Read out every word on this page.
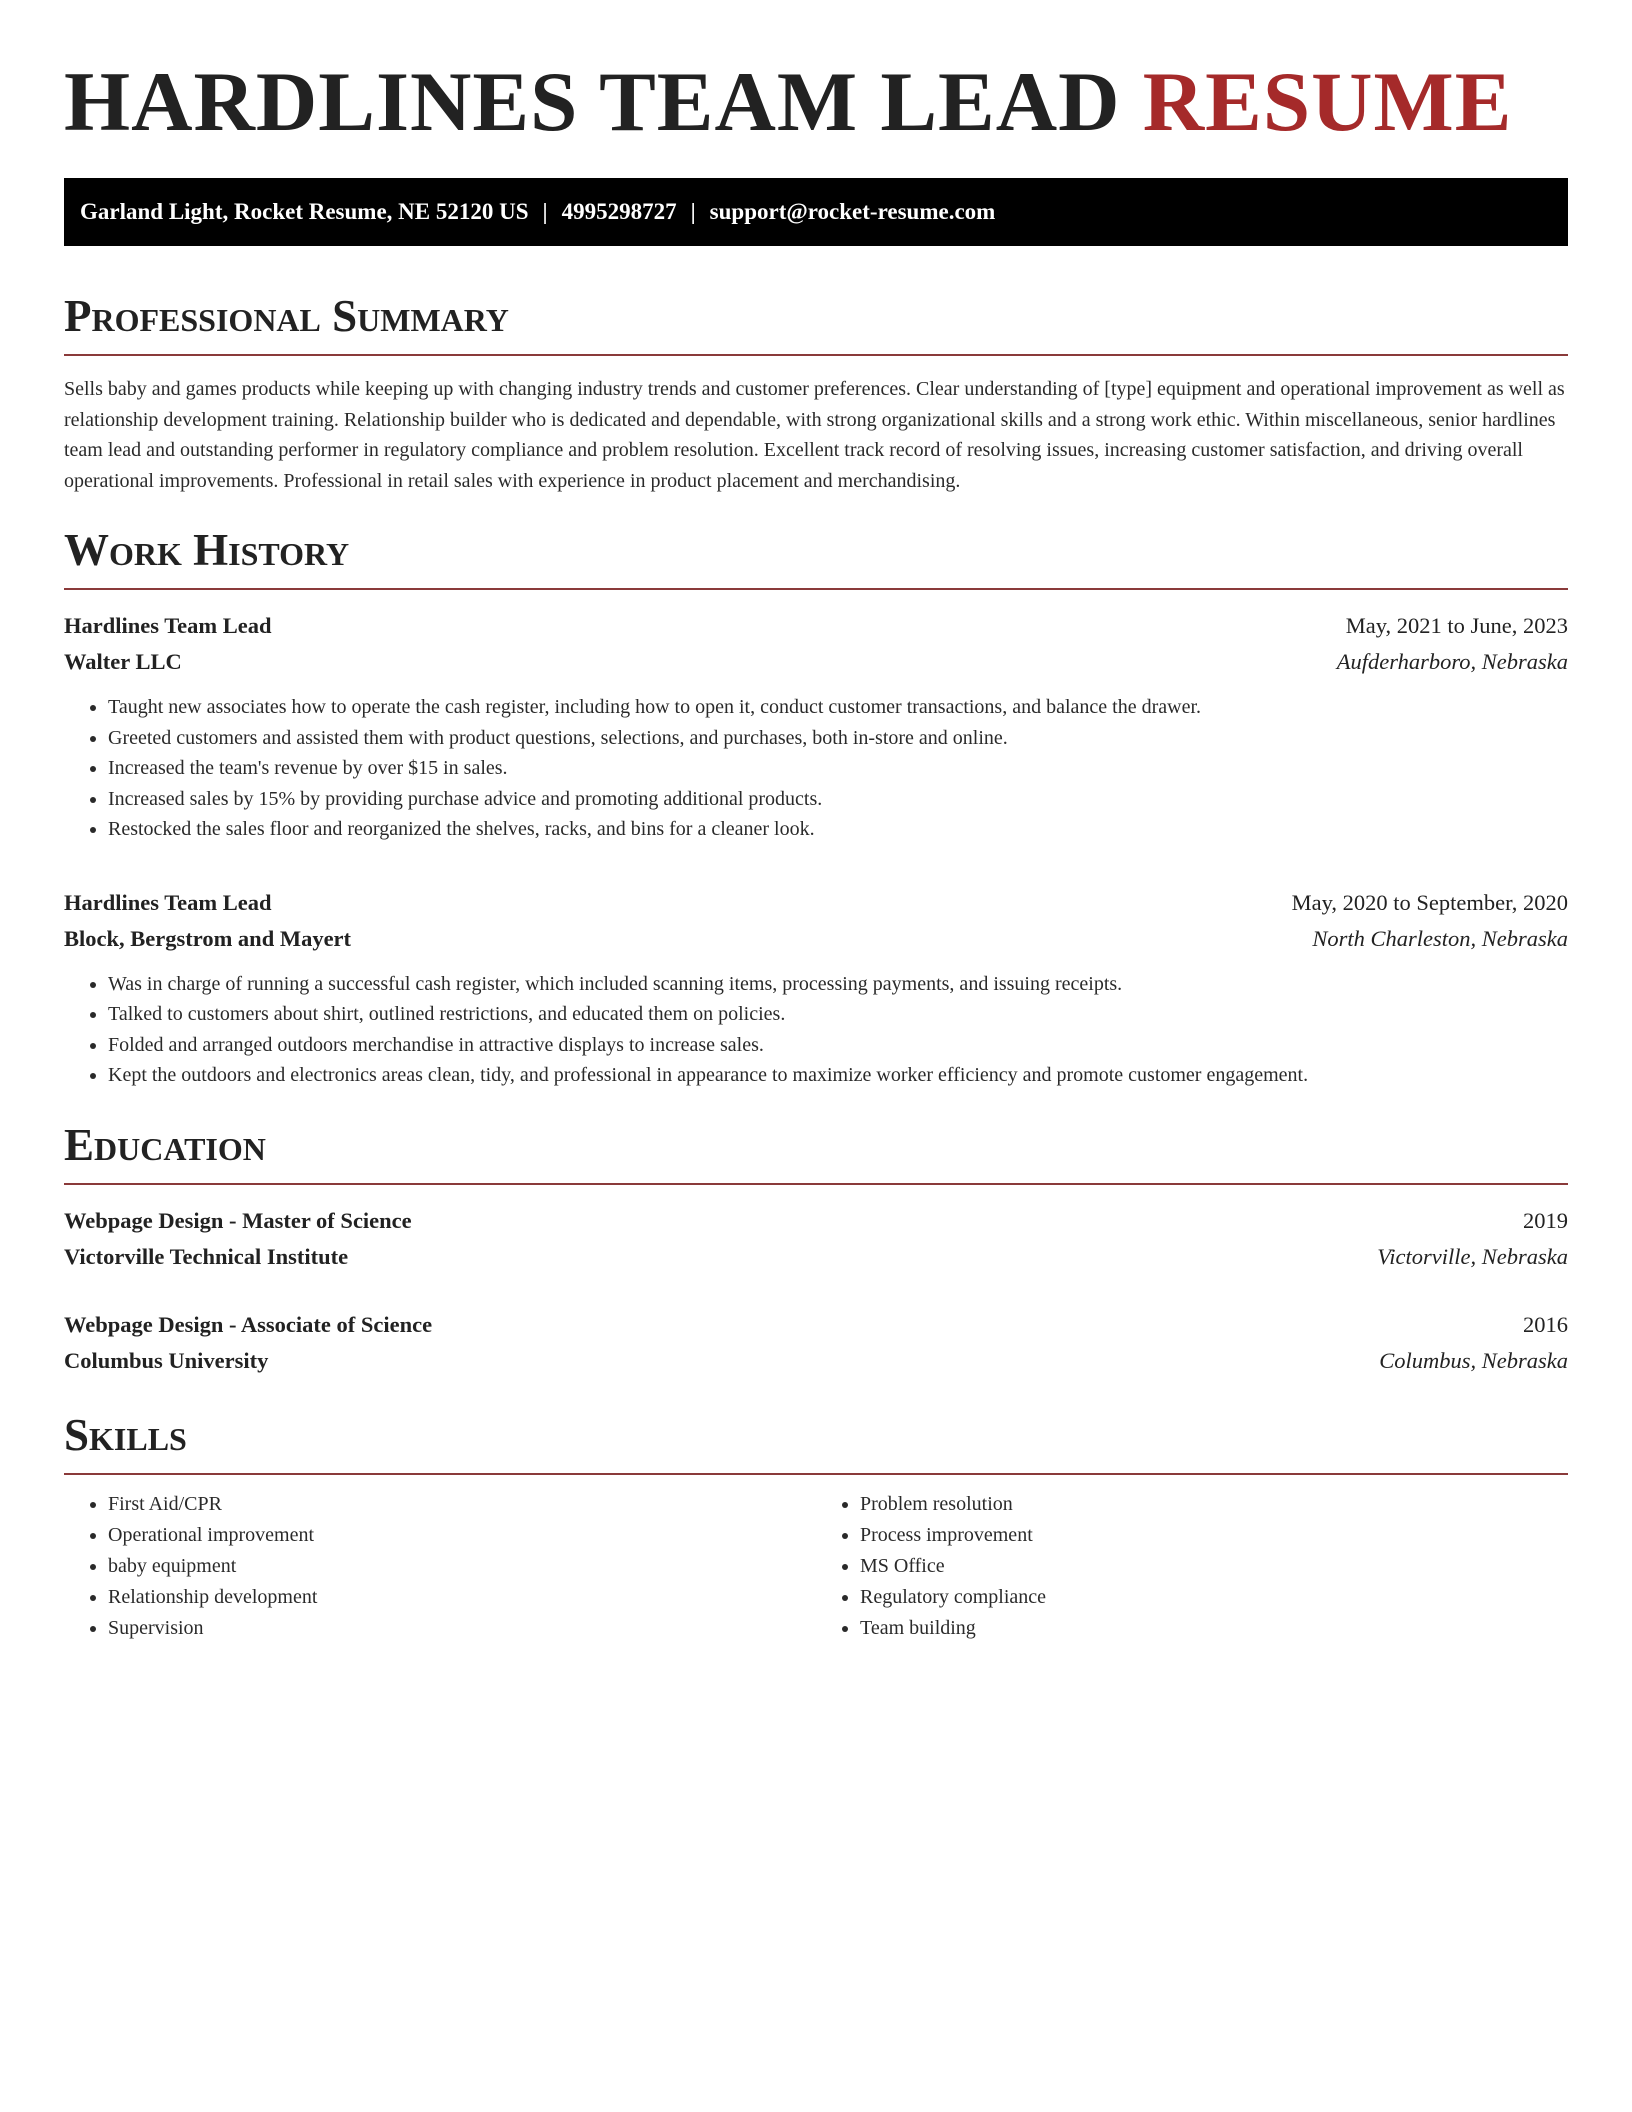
HARDLINES TEAM LEAD RESUME
Garland Light, Rocket Resume, NE 52120 US | 4995298727 | support@rocket-resume.com
Professional Summary

Sells baby and games products while keeping up with changing industry trends and customer preferences. Clear understanding of [type] equipment and operational improvement as well as relationship development training. Relationship builder who is dedicated and dependable, with strong organizational skills and a strong work ethic. Within miscellaneous, senior hardlines team lead and outstanding performer in regulatory compliance and problem resolution. Excellent track record of resolving issues, increasing customer satisfaction, and driving overall operational improvements. Professional in retail sales with experience in product placement and merchandising.

Work History
Hardlines Team Lead	May, 2021 to June, 2023
Walter LLC	Aufderharboro, Nebraska
• Taught new associates how to operate the cash register, including how to open it, conduct customer transactions, and balance the drawer.
• Greeted customers and assisted them with product questions, selections, and purchases, both in-store and online.
• Increased the team's revenue by over $15 in sales.
• Increased sales by 15% by providing purchase advice and promoting additional products.
• Restocked the sales floor and reorganized the shelves, racks, and bins for a cleaner look.
Hardlines Team Lead	May, 2020 to September, 2020
Block, Bergstrom and Mayert	North Charleston, Nebraska
• Was in charge of running a successful cash register, which included scanning items, processing payments, and issuing receipts.
• Talked to customers about shirt, outlined restrictions, and educated them on policies.
• Folded and arranged outdoors merchandise in attractive displays to increase sales.
• Kept the outdoors and electronics areas clean, tidy, and professional in appearance to maximize worker efficiency and promote customer engagement.
Education
Webpage Design - Master of Science	2019
Victorville Technical Institute	Victorville, Nebraska
Webpage Design - Associate of Science	2016
Columbus University	Columbus, Nebraska
Skills
• First Aid/CPR
• Operational improvement
• baby equipment
• Relationship development
• Supervision
• Problem resolution
• Process improvement
• MS Office
• Regulatory compliance
• Team building
